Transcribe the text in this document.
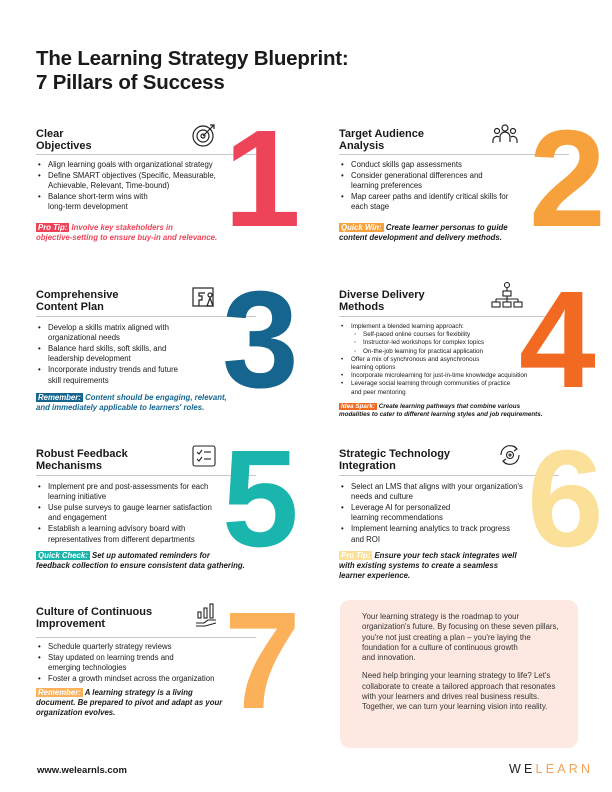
The Learning Strategy Blueprint:
7 Pillars of Success
Clear
Objectives 1
• Align learning goals with organizational strategy
• Define SMART objectives (Specific, Measurable,
Achievable, Relevant, Time-bound)
• Balance short-term wins with
long-term development
Pro Tip: Involve key stakeholders in
objective-setting to ensure buy-in and relevance.
Target Audience
Analysis	2
• Conduct skills gap assessments
• Consider generational differences and
learning preferences
• Map career paths and identify critical skills for
each stage
Quick Win: Create learner personas to guide
content development and delivery methods.
Comprehensive
Content Plan 3
• Develop a skills matrix aligned with
organizational needs
• Balance hard skills, soft skills, and
leadership development
• Incorporate industry trends and future
skill requirements
Remember: Content should be engaging, relevant,
and immediately applicable to learners' roles.
Diverse Delivery
Methods 4
• Implement a blended learning approach:
◦ Self-paced online courses for flexibility
◦ Instructor-led workshops for complex topics
◦ On-the-job learning for practical application
• Offer a mix of synchronous and asynchronous
learning options
• Incorporate microlearning for just-in-time knowledge acquisition
• Leverage social learning through communities of practice
and peer mentoring
Idea Spark: Create learning pathways that combine various
modalities to cater to different learning styles and job requirements.
Robust Feedback
Mechanisms 5
• Implement pre and post-assessments for each
learning initiative
• Use pulse surveys to gauge learner satisfaction
and engagement
• Establish a learning advisory board with
representatives from different departments
Quick Check: Set up automated reminders for
feedback collection to ensure consistent data gathering.
Strategic Technology
Integration 6
• Select an LMS that aligns with your organization's
needs and culture
• Leverage AI for personalized
learning recommendations
• Implement learning analytics to track progress
and ROI
Pro Tip: Ensure your tech stack integrates well
with existing systems to create a seamless
learner experience.
Culture of Continuous
Improvement 7
• Schedule quarterly strategy reviews
• Stay updated on learning trends and
emerging technologies
• Foster a growth mindset across the organization
Remember: A learning strategy is a living
document. Be prepared to pivot and adapt as your
organization evolves.

Your learning strategy is the roadmap to your
organization's future. By focusing on these seven pillars,
you're not just creating a plan – you're laying the
foundation for a culture of continuous growth
and innovation.

Need help bringing your learning strategy to life? Let's
collaborate to create a tailored approach that resonates
with your learners and drives real business results.
Together, we can turn your learning vision into reality.

www.welearnls.com	WELEARN
